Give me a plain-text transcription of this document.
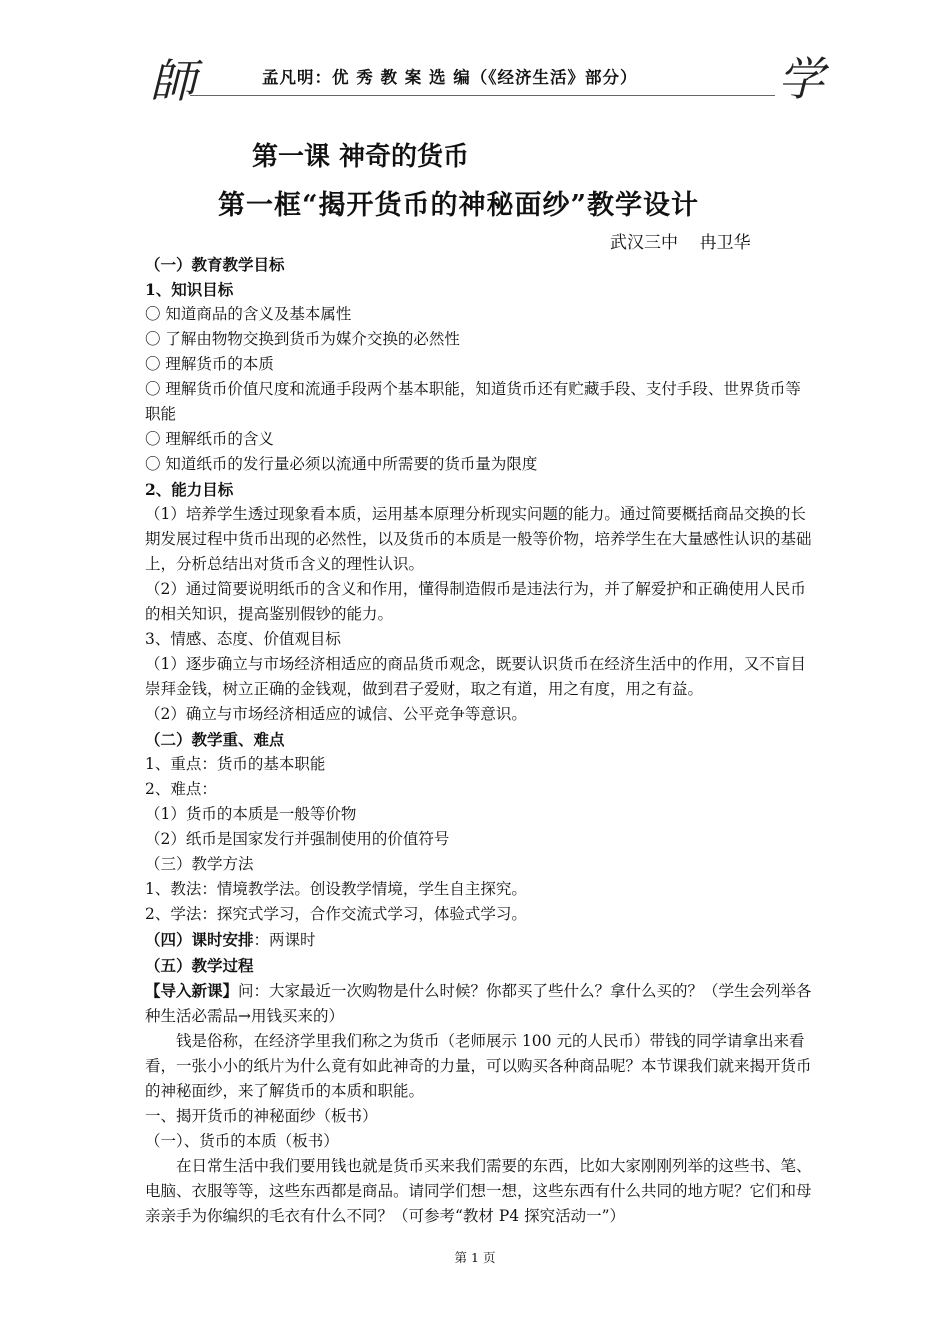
師	孟凡明：优 秀 教 案 选 编（《经济生活》部分）	学
第一课 神奇的货币
第一框“揭开货币的神秘面纱”教学设计
武汉三中    冉卫华

（一）教育教学目标

1、知识目标

〇 知道商品的含义及基本属性

〇 了解由物物交换到货币为媒介交换的必然性

〇 理解货币的本质

〇 理解货币价值尺度和流通手段两个基本职能，知道货币还有贮藏手段、支付手段、世界货币等职能

〇 理解纸币的含义

〇 知道纸币的发行量必须以流通中所需要的货币量为限度

2、能力目标

（1）培养学生透过现象看本质，运用基本原理分析现实问题的能力。通过简要概括商品交换的长期发展过程中货币出现的必然性，以及货币的本质是一般等价物，培养学生在大量感性认识的基础上，分析总结出对货币含义的理性认识。

（2）通过简要说明纸币的含义和作用，懂得制造假币是违法行为，并了解爱护和正确使用人民币的相关知识，提高鉴别假钞的能力。

3、情感、态度、价值观目标

（1）逐步确立与市场经济相适应的商品货币观念，既要认识货币在经济生活中的作用，又不盲目崇拜金钱，树立正确的金钱观，做到君子爱财，取之有道，用之有度，用之有益。

（2）确立与市场经济相适应的诚信、公平竞争等意识。

（二）教学重、难点

1、重点：货币的基本职能

2、难点：

（1）货币的本质是一般等价物

（2）纸币是国家发行并强制使用的价值符号

（三）教学方法

1、教法：情境教学法。创设教学情境，学生自主探究。

2、学法：探究式学习，合作交流式学习，体验式学习。

（四）课时安排：两课时

（五）教学过程

【导入新课】问：大家最近一次购物是什么时候？你都买了些什么？拿什么买的？（学生会列举各种生活必需品→用钱买来的）

钱是俗称，在经济学里我们称之为货币（老师展示 100 元的人民币）带钱的同学请拿出来看看，一张小小的纸片为什么竟有如此神奇的力量，可以购买各种商品呢？本节课我们就来揭开货币的神秘面纱，来了解货币的本质和职能。

一、揭开货币的神秘面纱（板书）

（一）、货币的本质（板书）

在日常生活中我们要用钱也就是货币买来我们需要的东西，比如大家刚刚列举的这些书、笔、电脑、衣服等等，这些东西都是商品。请同学们想一想，这些东西有什么共同的地方呢？它们和母亲亲手为你编织的毛衣有什么不同？（可参考“教材 P4 探究活动一”）

第 1 页
